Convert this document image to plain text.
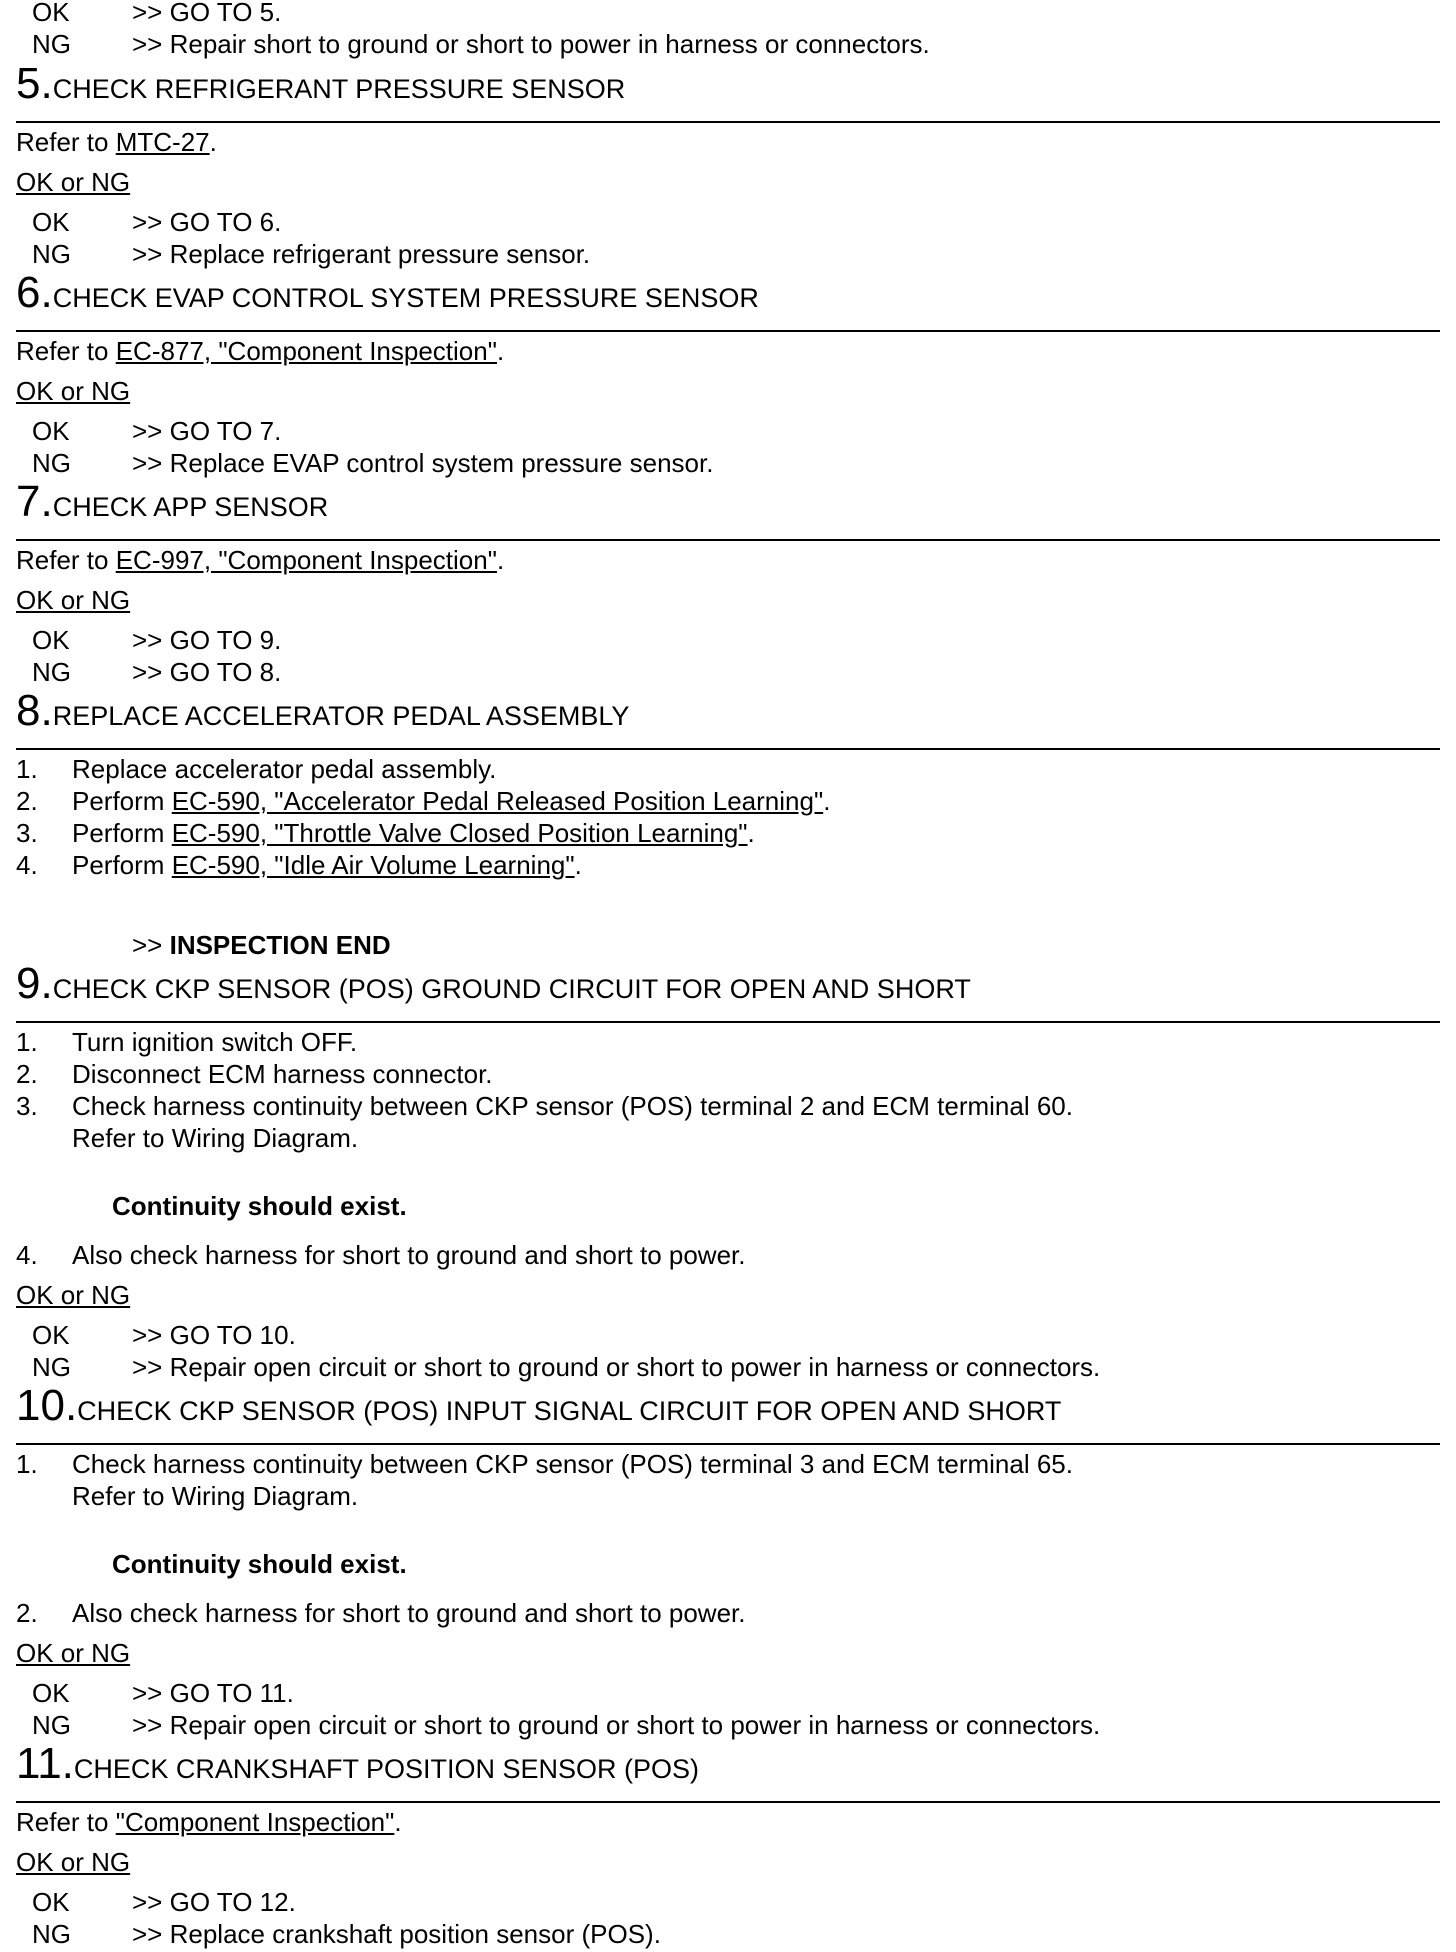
OK >> GO TO 5.
NG >> Repair short to ground or short to power in harness or connectors.
5.CHECK REFRIGERANT PRESSURE SENSOR
Refer to MTC-27.
OK or NG
OK >> GO TO 6.
NG >> Replace refrigerant pressure sensor.
6.CHECK EVAP CONTROL SYSTEM PRESSURE SENSOR
Refer to EC-877, "Component Inspection".
OK or NG
OK >> GO TO 7.
NG >> Replace EVAP control system pressure sensor.
7.CHECK APP SENSOR
Refer to EC-997, "Component Inspection".
OK or NG
OK >> GO TO 9.
NG >> GO TO 8.
8.REPLACE ACCELERATOR PEDAL ASSEMBLY
1. Replace accelerator pedal assembly.
2. Perform EC-590, "Accelerator Pedal Released Position Learning".
3. Perform EC-590, "Throttle Valve Closed Position Learning".
4. Perform EC-590, "Idle Air Volume Learning".
>> INSPECTION END
9.CHECK CKP SENSOR (POS) GROUND CIRCUIT FOR OPEN AND SHORT
1. Turn ignition switch OFF.
2. Disconnect ECM harness connector.
3. Check harness continuity between CKP sensor (POS) terminal 2 and ECM terminal 60.
Refer to Wiring Diagram.
Continuity should exist.
4. Also check harness for short to ground and short to power.
OK or NG
OK >> GO TO 10.
NG >> Repair open circuit or short to ground or short to power in harness or connectors.
10.CHECK CKP SENSOR (POS) INPUT SIGNAL CIRCUIT FOR OPEN AND SHORT
1. Check harness continuity between CKP sensor (POS) terminal 3 and ECM terminal 65.
Refer to Wiring Diagram.
Continuity should exist.
2. Also check harness for short to ground and short to power.
OK or NG
OK >> GO TO 11.
NG >> Repair open circuit or short to ground or short to power in harness or connectors.
11.CHECK CRANKSHAFT POSITION SENSOR (POS)
Refer to "Component Inspection".
OK or NG
OK >> GO TO 12.
NG >> Replace crankshaft position sensor (POS).
